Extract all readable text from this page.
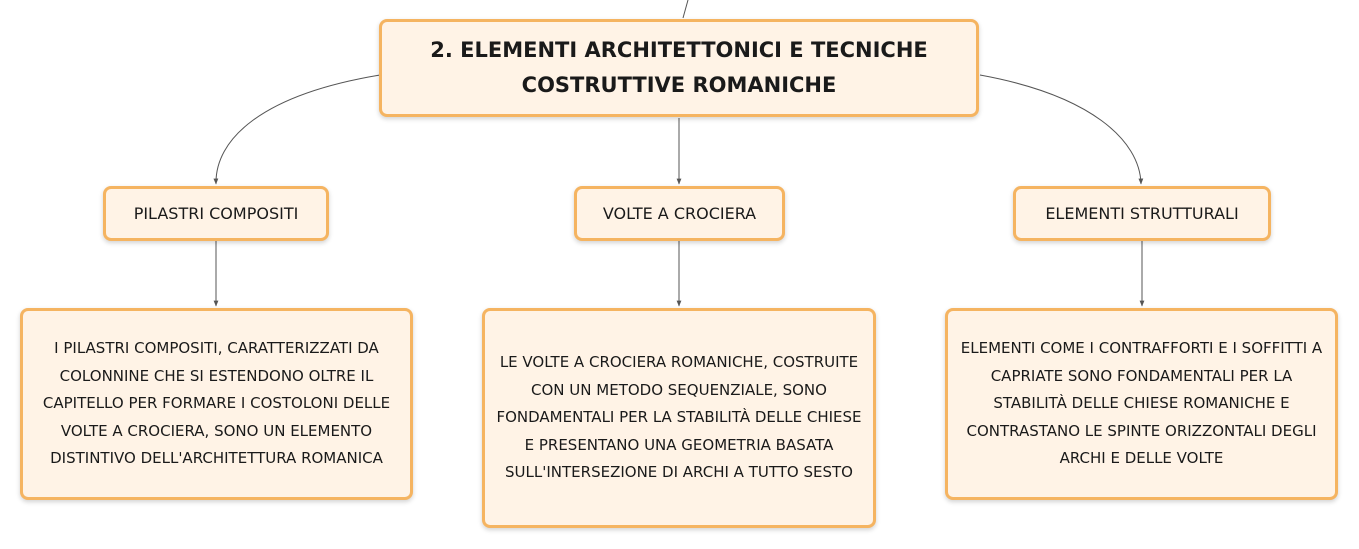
2. ELEMENTI ARCHITETTONICI E TECNICHE COSTRUTTIVE ROMANICHE
PILASTRI COMPOSITI	VOLTE A CROCIERA	ELEMENTI STRUTTURALI
I PILASTRI COMPOSITI, CARATTERIZZATI DA COLONNINE CHE SI ESTENDONO OLTRE IL CAPITELLO PER FORMARE I COSTOLONI DELLE VOLTE A CROCIERA, SONO UN ELEMENTO DISTINTIVO DELL'ARCHITETTURA ROMANICA
LE VOLTE A CROCIERA ROMANICHE, COSTRUITE CON UN METODO SEQUENZIALE, SONO FONDAMENTALI PER LA STABILITÀ DELLE CHIESE E PRESENTANO UNA GEOMETRIA BASATA SULL'INTERSEZIONE DI ARCHI A TUTTO SESTO
ELEMENTI COME I CONTRAFFORTI E I SOFFITTI A CAPRIATE SONO FONDAMENTALI PER LA STABILITÀ DELLE CHIESE ROMANICHE E CONTRASTANO LE SPINTE ORIZZONTALI DEGLI ARCHI E DELLE VOLTE
